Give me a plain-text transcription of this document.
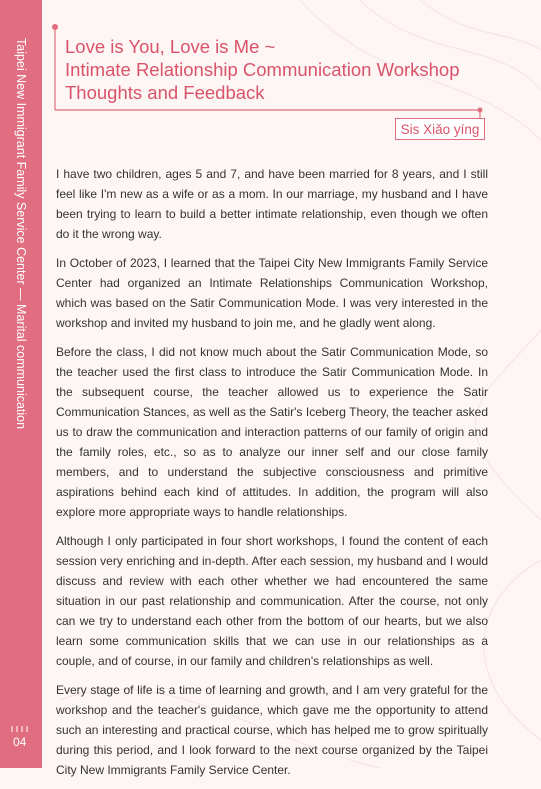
Taipei New Immigrant Family Service Center — Marital communication
04
Love is You, Love is Me ~
Intimate Relationship Communication Workshop
Thoughts and Feedback
Sis Xiǎo yíng

I have two children, ages 5 and 7, and have been married for 8 years, and I still feel like I'm new as a wife or as a mom. In our marriage, my husband and I have been trying to learn to build a better intimate relationship, even though we often do it the wrong way.

In October of 2023, I learned that the Taipei City New Immigrants Family Service Center had organized an Intimate Relationships Communication Workshop, which was based on the Satir Communication Mode. I was very interested in the workshop and invited my husband to join me, and he gladly went along.

Before the class, I did not know much about the Satir Communication Mode, so the teacher used the first class to introduce the Satir Communication Mode. In the subsequent course, the teacher allowed us to experience the Satir Communication Stances, as well as the Satir's Iceberg Theory, the teacher asked us to draw the communication and interaction patterns of our family of origin and the family roles, etc., so as to analyze our inner self and our close family members, and to understand the subjective consciousness and primitive aspirations behind each kind of attitudes. In addition, the program will also explore more appropriate ways to handle relationships.

Although I only participated in four short workshops, I found the content of each session very enriching and in-depth. After each session, my husband and I would discuss and review with each other whether we had encountered the same situation in our past relationship and communication. After the course, not only can we try to understand each other from the bottom of our hearts, but we also learn some communication skills that we can use in our relationships as a couple, and of course, in our family and children's relationships as well.

Every stage of life is a time of learning and growth, and I am very grateful for the workshop and the teacher's guidance, which gave me the opportunity to attend such an interesting and practical course, which has helped me to grow spiritually during this period, and I look forward to the next course organized by the Taipei City New Immigrants Family Service Center.
